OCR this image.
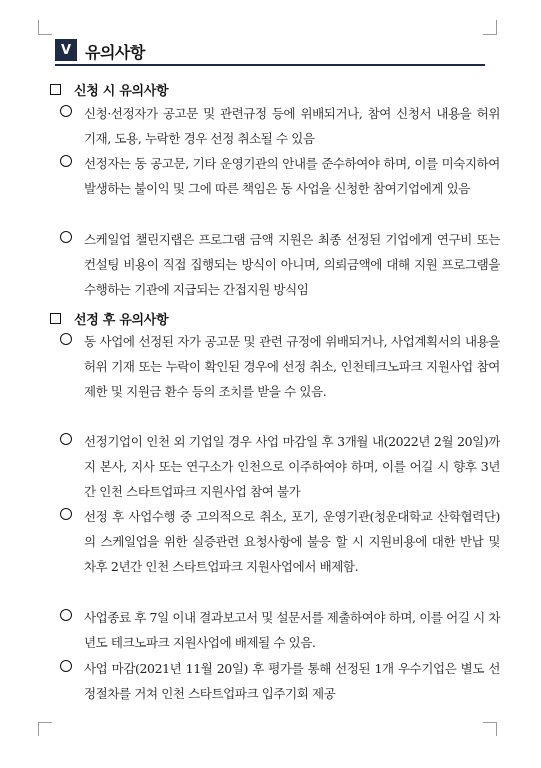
Ⅴ 유의사항
신청 시 유의사항
신청·선정자가 공고문 및 관련규정 등에 위배되거나, 참여 신청서 내용을 허위 기재, 도용, 누락한 경우 선정 취소될 수 있음
선정자는 동 공고문, 기타 운영기관의 안내를 준수하여야 하며, 이를 미숙지하여 발생하는 불이익 및 그에 따른 책임은 동 사업을 신청한 참여기업에게 있음
스케일업 챌린지랩은 프로그램 금액 지원은 최종 선정된 기업에게 연구비 또는 컨설팅 비용이 직접 집행되는 방식이 아니며, 의뢰금액에 대해 지원 프로그램을 수행하는 기관에 지급되는 간접지원 방식임
선정 후 유의사항
동 사업에 선정된 자가 공고문 및 관련 규정에 위배되거나, 사업계획서의 내용을 허위 기재 또는 누락이 확인된 경우에 선정 취소, 인천테크노파크 지원사업 참여제한 및 지원금 환수 등의 조치를 받을 수 있음.
선정기업이 인천 외 기업일 경우 사업 마감일 후 3개월 내(2022년 2월 20일)까지 본사, 지사 또는 연구소가 인천으로 이주하여야 하며, 이를 어길 시 향후 3년간 인천 스타트업파크 지원사업 참여 불가
선정 후 사업수행 중 고의적으로 취소, 포기, 운영기관(청운대학교 산학협력단)의 스케일업을 위한 실증관련 요청사항에 불응 할 시 지원비용에 대한 반납 및 차후 2년간 인천 스타트업파크 지원사업에서 배제함.
사업종료 후 7일 이내 결과보고서 및 설문서를 제출하여야 하며, 이를 어길 시 차년도 테크노파크 지원사업에 배제될 수 있음.
사업 마감(2021년 11월 20일) 후 평가를 통해 선정된 1개 우수기업은 별도 선정절차를 거쳐 인천 스타트업파크 입주기회 제공
